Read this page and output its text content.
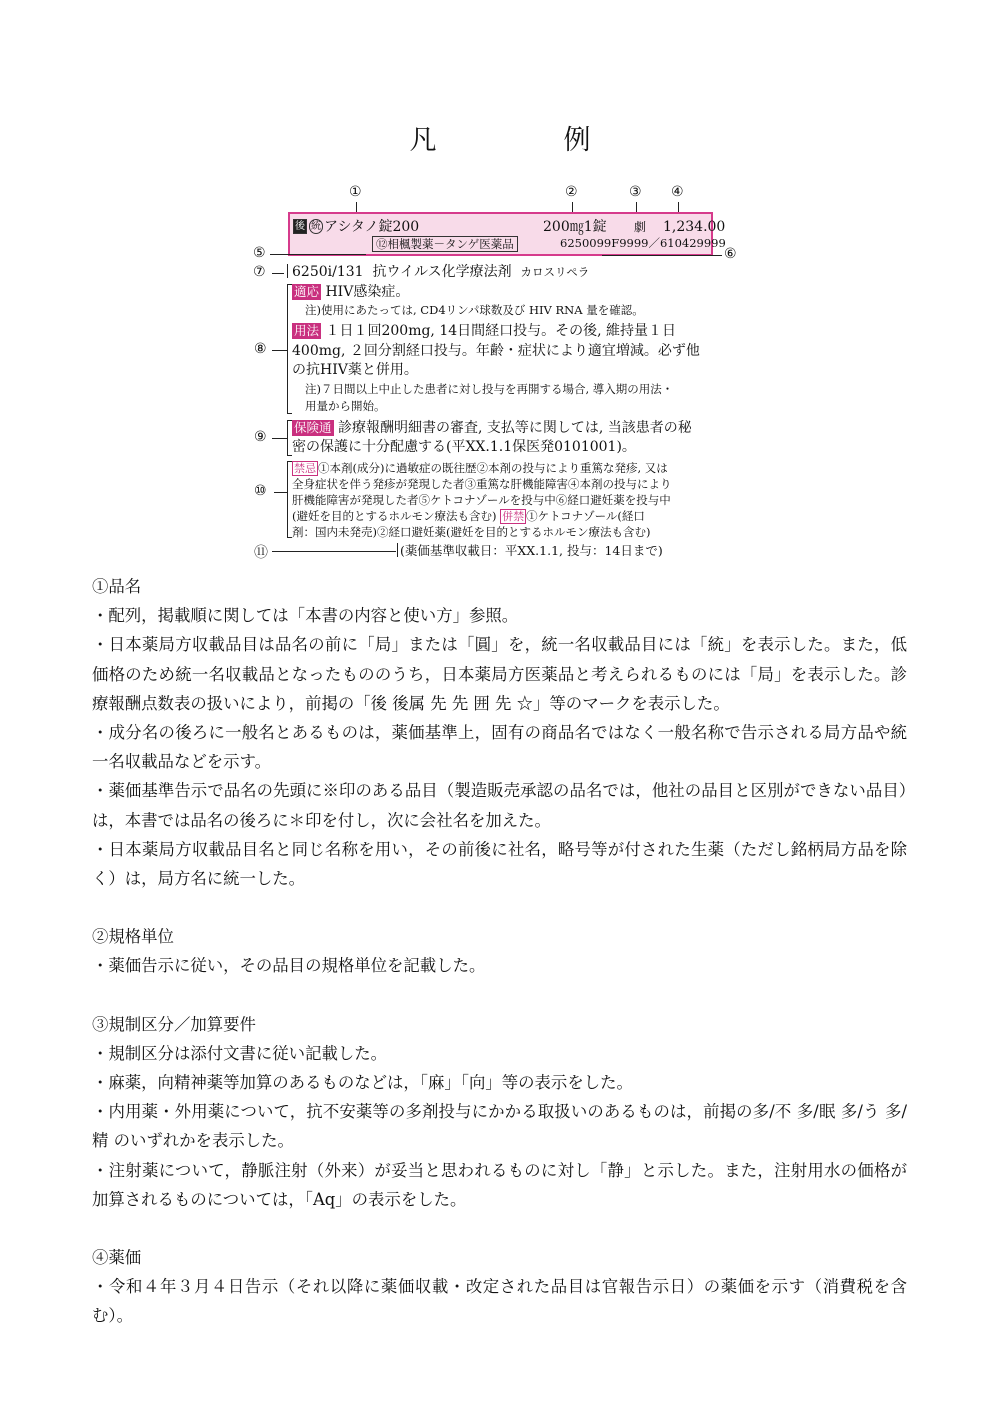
凡　例
①	②	③ ④
後 統 アシタノ錠200	200㎎1錠 劇 1,234.00
⑫相楓製薬－タンゲ医薬品	6250099F9999／610429999
⑤	⑥
⑦ 6250i/131 抗ウイルス化学療法剤 カロスリペラ
⑧
適応 HIV感染症。
注)使用にあたっては, CD4リンパ球数及び HIV RNA 量を確認。
用法 １日１回200mg, 14日間経口投与。その後, 維持量１日
400mg, ２回分割経口投与。年齢・症状により適宜増減。必ず他
の抗HIV薬と併用。
注)７日間以上中止した患者に対し投与を再開する場合, 導入期の用法・
用量から開始。
⑨
保険通 診療報酬明細書の審査, 支払等に関しては, 当該患者の秘
密の保護に十分配慮する(平XX.1.1保医発0101001)。
⑩
禁忌 ①本剤(成分)に過敏症の既往歴②本剤の投与により重篤な発疹, 又は
全身症状を伴う発疹が発現した者③重篤な肝機能障害④本剤の投与により
肝機能障害が発現した者⑤ケトコナゾールを投与中⑥経口避妊薬を投与中
(避妊を目的とするホルモン療法も含む) 併禁 ①ケトコナゾール(経口
剤：国内未発売)②経口避妊薬(避妊を目的とするホルモン療法も含む)
⑪	(薬価基準収載日：平XX.1.1, 投与：14日まで)

①品名

・配列，掲載順に関しては「本書の内容と使い方」参照。

・日本薬局方収載品目は品名の前に「局」または「圓」を，統一名収載品目には「統」を表示した。また，低価格のため統一名収載品となったもののうち，日本薬局方医薬品と考えられるものには「局」を表示した。診療報酬点数表の扱いにより，前掲の「後 後属 先 先 囲 先 ☆」等のマークを表示した。

・成分名の後ろに一般名とあるものは，薬価基準上，固有の商品名ではなく一般名称で告示される局方品や統一名収載品などを示す。

・薬価基準告示で品名の先頭に※印のある品目（製造販売承認の品名では，他社の品目と区別ができない品目）は，本書では品名の後ろに＊印を付し，次に会社名を加えた。

・日本薬局方収載品目名と同じ名称を用い，その前後に社名，略号等が付された生薬（ただし銘柄局方品を除く）は，局方名に統一した。

②規格単位

・薬価告示に従い，その品目の規格単位を記載した。

③規制区分／加算要件

・規制区分は添付文書に従い記載した。

・麻薬，向精神薬等加算のあるものなどは，「麻」「向」等の表示をした。

・内用薬・外用薬について，抗不安薬等の多剤投与にかかる取扱いのあるものは，前掲の多/不 多/眠 多/う 多/精 のいずれかを表示した。

・注射薬について，静脈注射（外来）が妥当と思われるものに対し「静」と示した。また，注射用水の価格が加算されるものについては，「Aq」の表示をした。

④薬価

・令和４年３月４日告示（それ以降に薬価収載・改定された品目は官報告示日）の薬価を示す（消費税を含む）。
